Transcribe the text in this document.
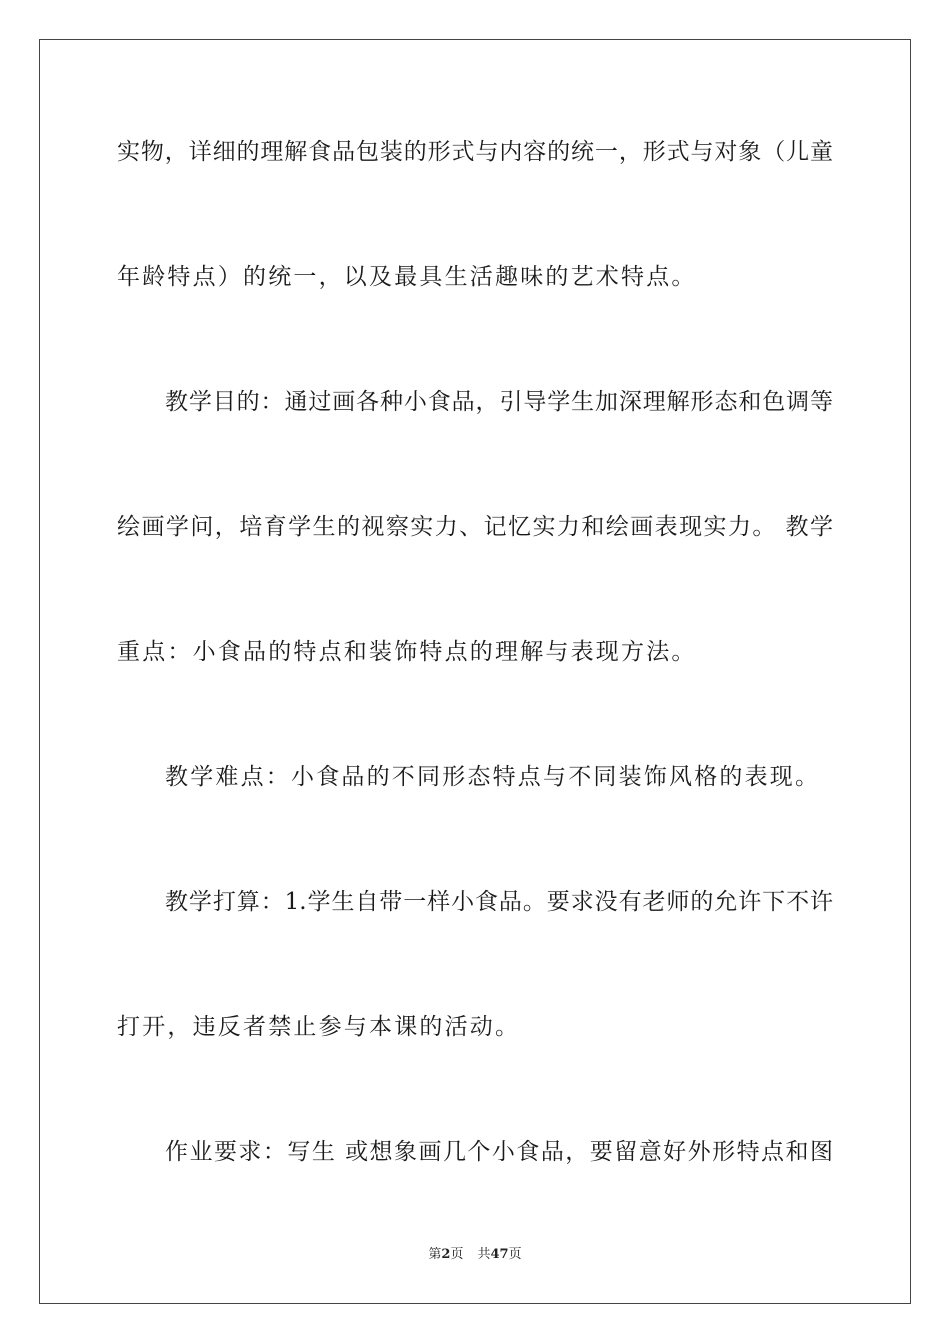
实物，详细的理解食品包装的形式与内容的统一，形式与对象（儿童
年龄特点）的统一，以及最具生活趣味的艺术特点。
教学目的：通过画各种小食品，引导学生加深理解形态和色调等
绘画学问，培育学生的视察实力、记忆实力和绘画表现实力。 教学
重点：小食品的特点和装饰特点的理解与表现方法。
教学难点：小食品的不同形态特点与不同装饰风格的表现。
教学打算：1.学生自带一样小食品。要求没有老师的允许下不许
打开，违反者禁止参与本课的活动。
作业要求：写生 或想象画几个小食品，要留意好外形特点和图
第2页 共47页
